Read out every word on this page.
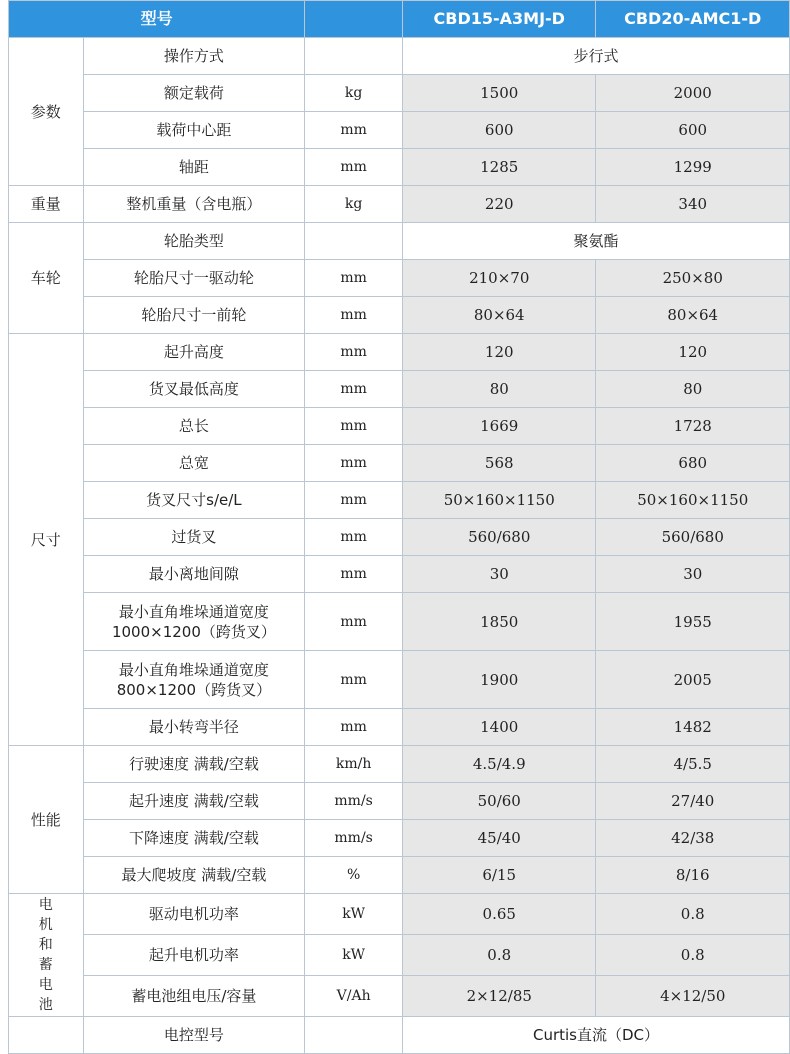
型号			CBD15-A3MJ-D	CBD20-AMC1-D
参数	操作方式		步行式	

	额定载荷	kg	1500	2000

	载荷中心距	mm	600	600

	轴距	mm	1285	1299
重量	整机重量（含电瓶）	kg	220	340
车轮	轮胎类型		聚氨酯	

	轮胎尺寸一驱动轮	mm	210×70	250×80

	轮胎尺寸一前轮	mm	80×64	80×64
尺寸	起升高度	mm	120	120

	货叉最低高度	mm	80	80

	总长	mm	1669	1728

	总宽	mm	568	680

	货叉尺寸s/e/L	mm	50×160×1150	50×160×1150

	过货叉	mm	560/680	560/680

	最小离地间隙	mm	30	30

	最小直角堆垛通道宽度
1000×1200（跨货叉）	mm	1850	1955

	最小直角堆垛通道宽度
800×1200（跨货叉）	mm	1900	2005

	最小转弯半径	mm	1400	1482
性能	行驶速度 满载/空载	km/h	4.5/4.9	4/5.5

	起升速度 满载/空载	mm/s	50/60	27/40

	下降速度 满载/空载	mm/s	45/40	42/38

	最大爬坡度 满载/空载	%	6/15	8/16

电机和蓄电池	驱动电机功率	kW	0.65	0.8

	起升电机功率	kW	0.8	0.8

	蓄电池组电压/容量	V/Ah	2×12/85	4×12/50

	电控型号		Curtis直流（DC）	
